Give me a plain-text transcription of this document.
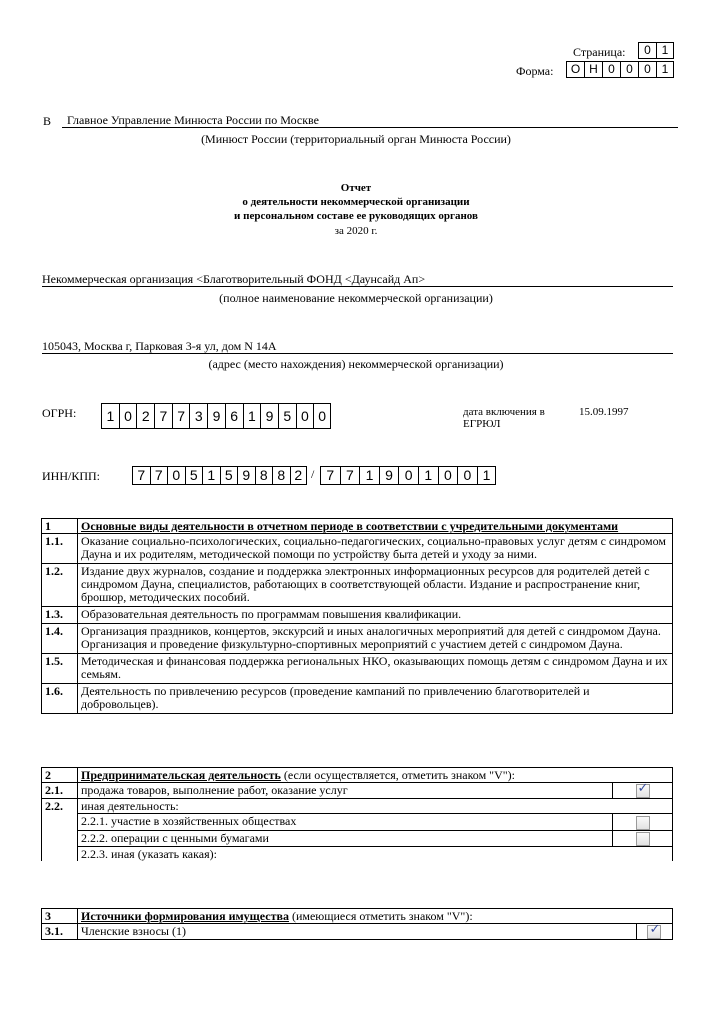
Страница:	0 1
Форма:	О Н 0 0 0 1
В	Главное Управление Минюста России по Москве
(Минюст России (территориальный орган Минюста России)
Отчет
о деятельности некоммерческой организации
и персональном составе ее руководящих органов
за 2020 г.
Некоммерческая организация <Благотворительный ФОНД <Даунсайд Ап>
(полное наименование некоммерческой организации)
105043, Москва г, Парковая 3-я ул, дом N 14А
(адрес (место нахождения) некоммерческой организации)
ОГРН:	1 0 2 7 7 3 9 6 1 9 5 0 0	дата включения в
ЕГРЮЛ
15.09.1997
ИНН/КПП:	7 7 0 5 1 5 9 8 8 2 / 7 7 1 9 0 1 0 0 1
1	Основные виды деятельности в отчетном периоде в соответствии с учредительными документами
1.1.	Оказание социально-психологических, социально-педагогических, социально-правовых услуг детям с синдромом Дауна и их родителям, методической помощи по устройству быта детей и уходу за ними.
1.2.	Издание двух журналов, создание и поддержка электронных информационных ресурсов для родителей детей с синдромом Дауна, специалистов, работающих в соответствующей области. Издание и распространение книг, брошюр, методических пособий.
1.3.	Образовательная деятельность по программам повышения квалификации.
1.4.	Организация праздников, концертов, экскурсий и иных аналогичных мероприятий для детей с синдромом Дауна. Организация и проведение физкультурно-спортивных мероприятий с участием детей с синдромом Дауна.
1.5.	Методическая и финансовая поддержка региональных НКО, оказывающих помощь детям с синдромом Дауна и их семьям.
1.6.	Деятельность по привлечению ресурсов (проведение кампаний по привлечению благотворителей и добровольцев).
2	Предпринимательская деятельность (если осуществляется, отметить знаком "V"):	
2.1.	продажа товаров, выполнение работ, оказание услуг	✓

2.2.	иная деятельность:	
	2.2.1. участие в хозяйственных обществах	
	2.2.2. операции с ценными бумагами	
	2.2.3. иная (указать какая):	
3	Источники формирования имущества (имеющиеся отметить знаком "V"):	
3.1.	Членские взносы (1)	✓
